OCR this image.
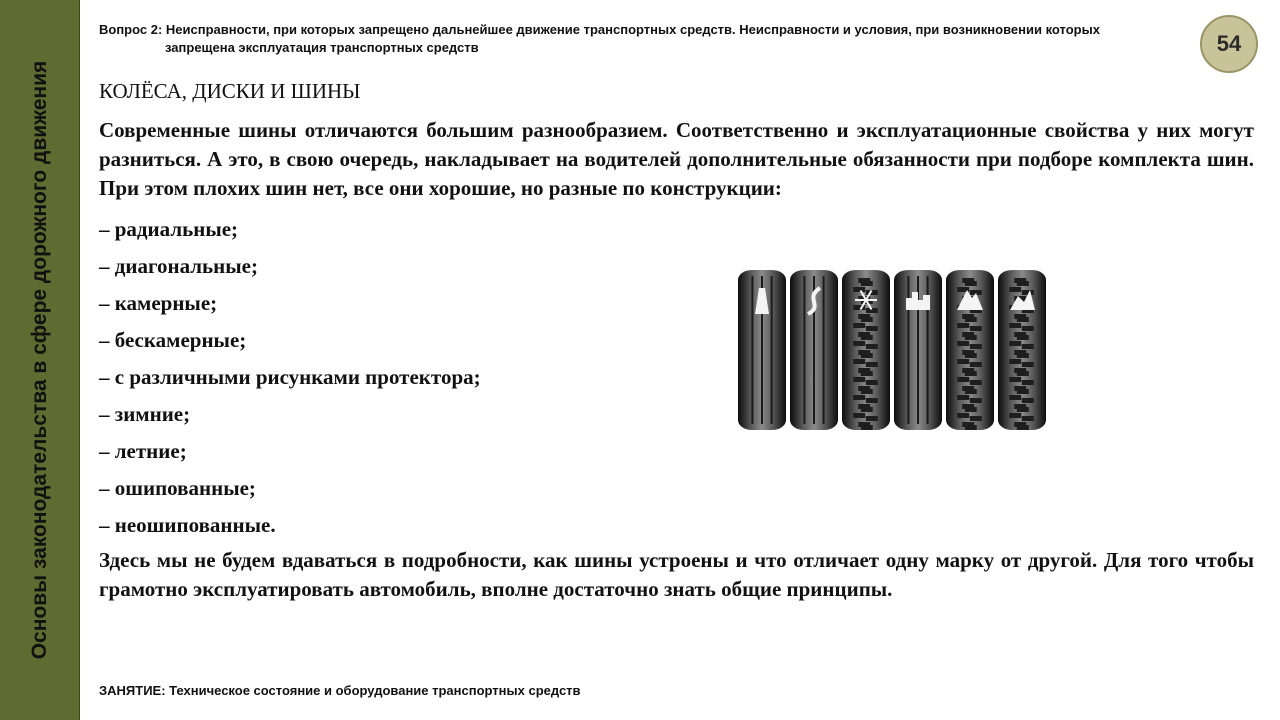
Основы законодательства в сфере дорожного движения
Вопрос 2: Неисправности, при которых запрещено дальнейшее движение транспортных средств. Неисправности и условия, при возникновении которых
запрещена эксплуатация транспортных средств	54
КОЛЁСА, ДИСКИ И ШИНЫ

Современные шины отличаются большим разнообразием. Соответственно и эксплуатационные свойства у них могут разниться. А это, в свою очередь, накладывает на водителей дополнительные обязанности при подборе комплекта шин. При этом плохих шин нет, все они хорошие, но разные по конструкции:

– радиальные;
– диагональные;
– камерные;
– бескамерные;
– с различными рисунками протектора;
– зимние;
– летние;
– ошипованные;
– неошипованные.

Здесь мы не будем вдаваться в подробности, как шины устроены и что отличает одну марку от другой. Для того чтобы грамотно эксплуатировать автомобиль, вполне достаточно знать общие принципы.

ЗАНЯТИЕ: Техническое состояние и оборудование транспортных средств
